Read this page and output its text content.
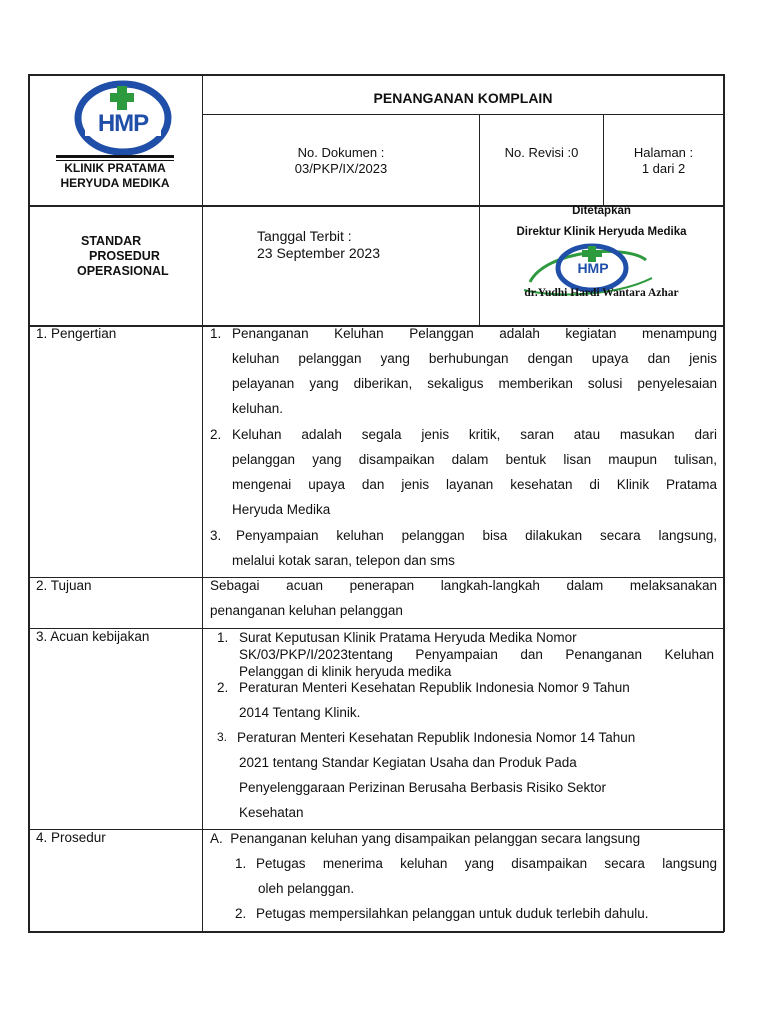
HMP
KLINIK PRATAMA
HERYUDA MEDIKA
PENANGANAN KOMPLAIN
No. Dokumen :
03/PKP/IX/2023
No. Revisi :0	Halaman :
1 dari 2
STANDAR
PROSEDUR
OPERASIONAL
Tanggal Terbit :
23 September 2023
Ditetapkan
Direktur Klinik Heryuda Medika
HMP
dr.Yudhi Hardi Wantara Azhar
1. Pengertian	1. Penanganan Keluhan Pelanggan adalah kegiatan menampung
keluhan pelanggan yang berhubungan dengan upaya dan jenis
pelayanan yang diberikan, sekaligus memberikan solusi penyelesaian
keluhan.
2. Keluhan adalah segala jenis kritik, saran atau masukan dari
pelanggan yang disampaikan dalam bentuk lisan maupun tulisan,
mengenai upaya dan jenis layanan kesehatan di Klinik Pratama
Heryuda Medika
3. Penyampaian keluhan pelanggan bisa dilakukan secara langsung,
melalui kotak saran, telepon dan sms
2. Tujuan	Sebagai acuan penerapan langkah-langkah dalam melaksanakan
penanganan keluhan pelanggan
3. Acuan kebijakan	1. Surat Keputusan Klinik Pratama Heryuda Medika Nomor
SK/03/PKP/I/2023tentang Penyampaian dan Penanganan Keluhan
Pelanggan di klinik heryuda medika
2. Peraturan Menteri Kesehatan Republik Indonesia Nomor 9 Tahun
2014 Tentang Klinik.
3. Peraturan Menteri Kesehatan Republik Indonesia Nomor 14 Tahun
2021 tentang Standar Kegiatan Usaha dan Produk Pada
Penyelenggaraan Perizinan Berusaha Berbasis Risiko Sektor
Kesehatan
4. Prosedur	A.  Penanganan keluhan yang disampaikan pelanggan secara langsung
1. Petugas menerima keluhan yang disampaikan secara langsung
oleh pelanggan.
2. Petugas mempersilahkan pelanggan untuk duduk terlebih dahulu.
